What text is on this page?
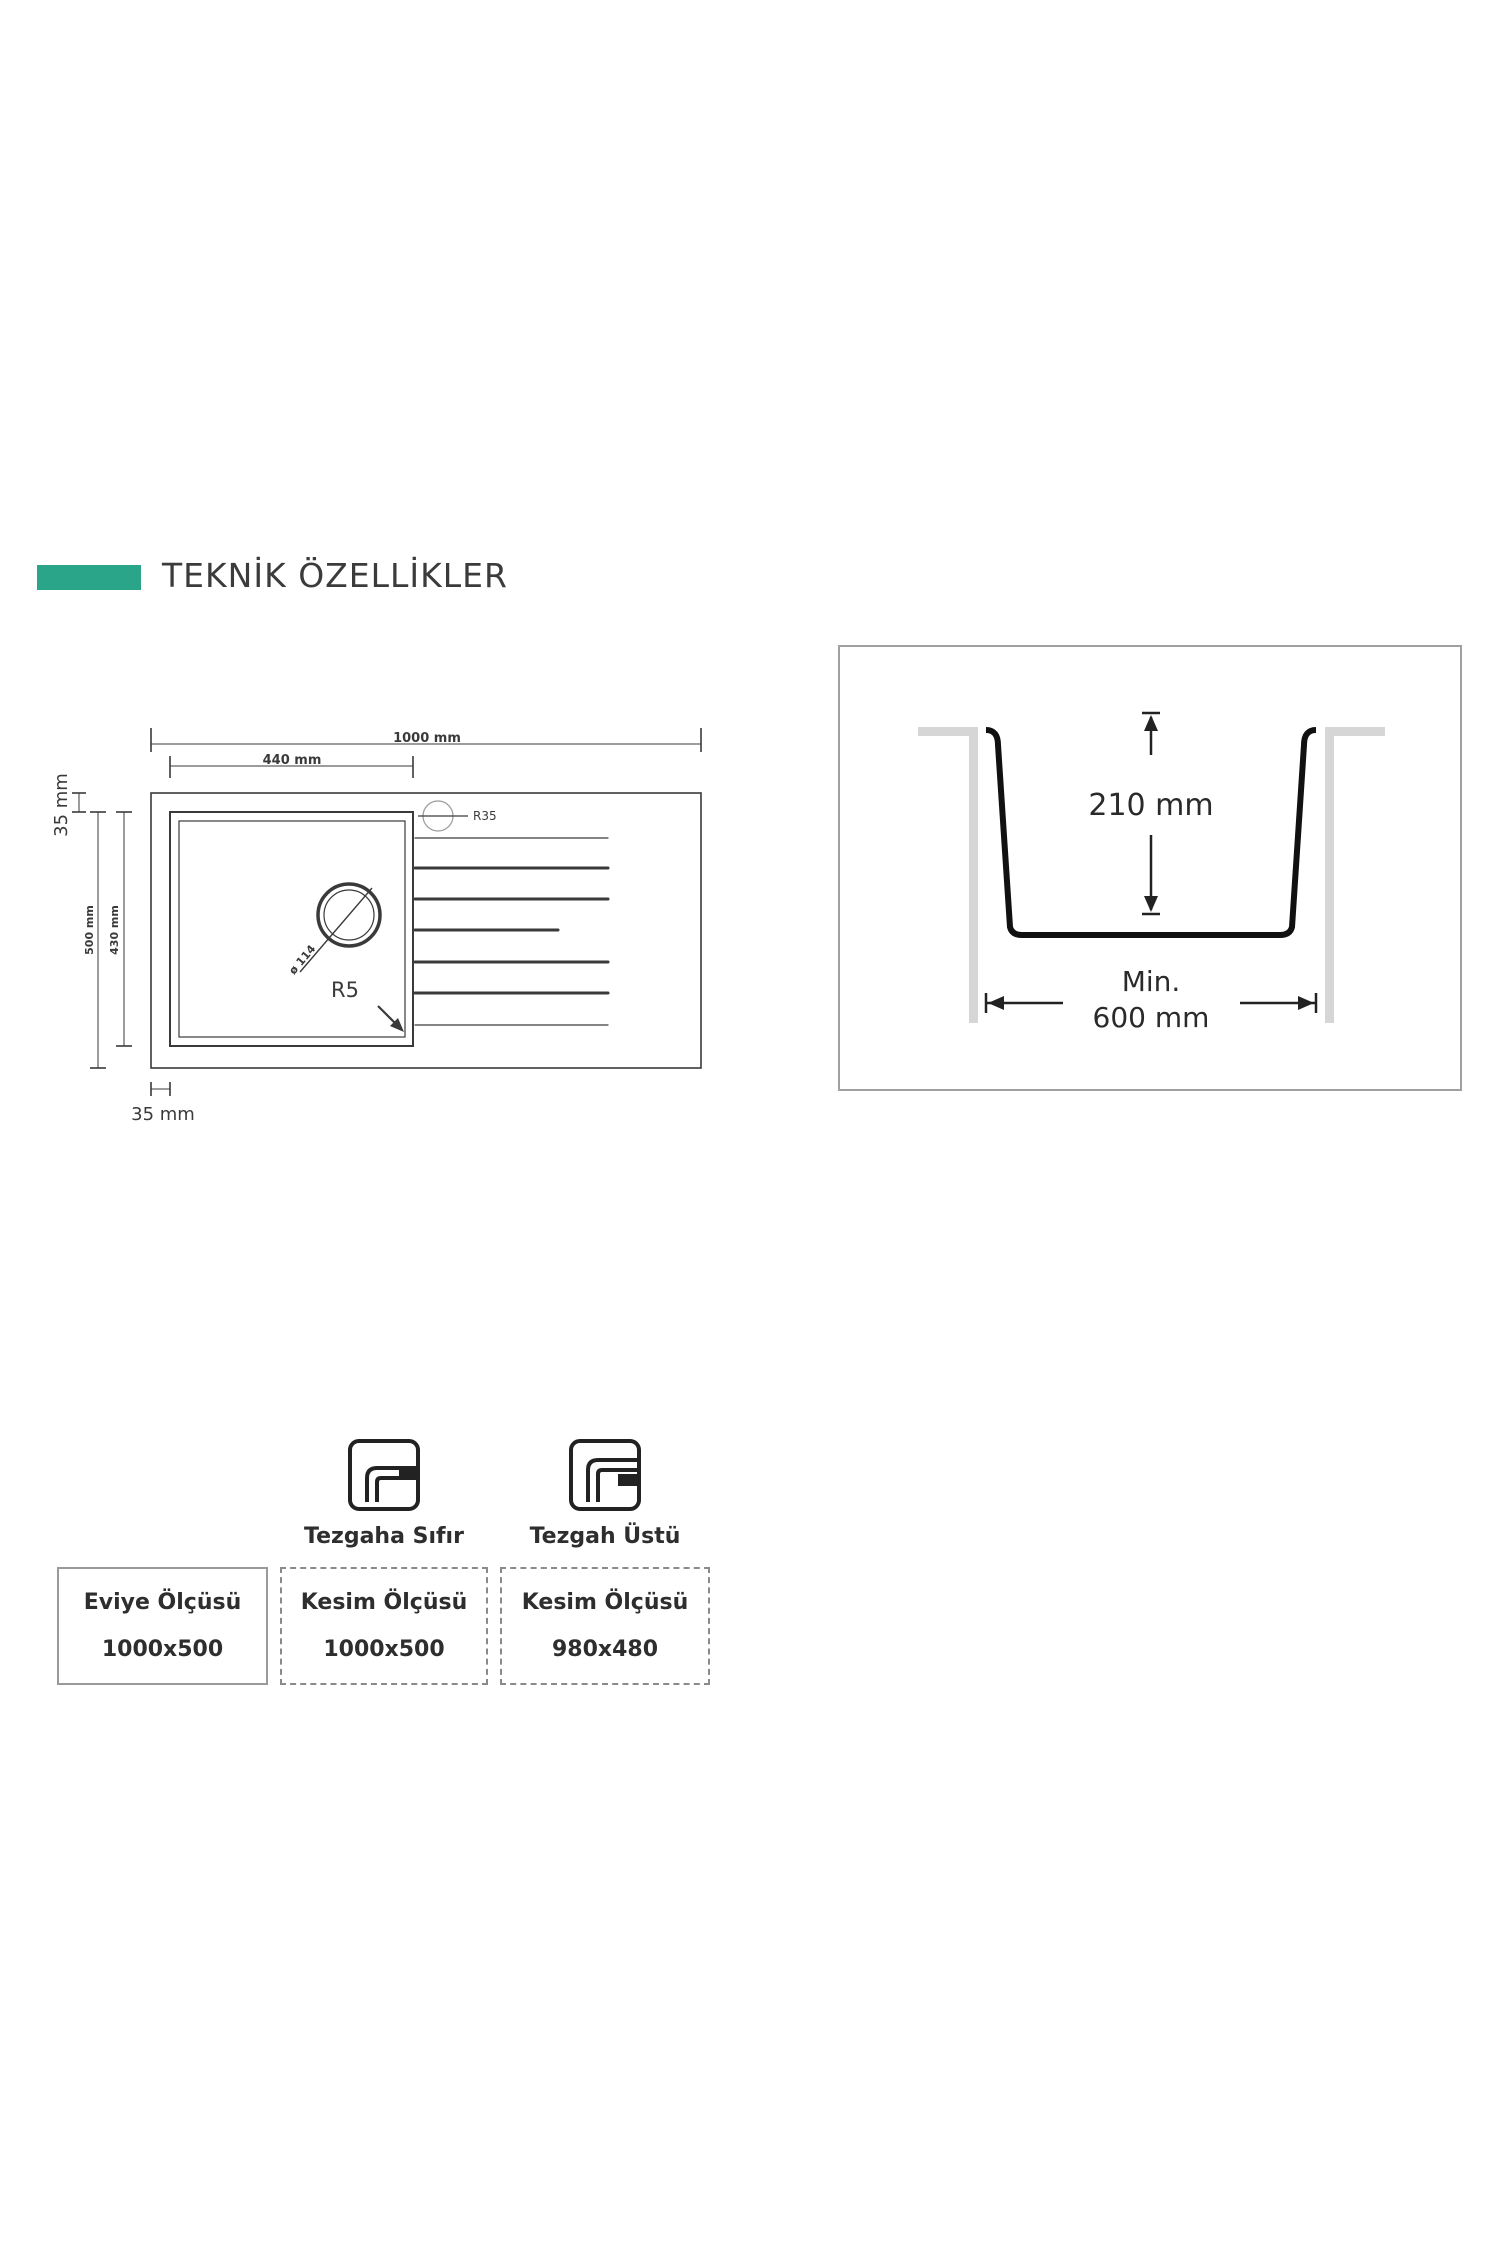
TEKNİK ÖZELLİKLER
1000 mm
440 mm
35 mm
35 mm
500 mm 430 mm
ø 114
R5
R35	210 mm
Min.
600 mm
Tezgaha Sıfır	Tezgah Üstü
Eviye Ölçüsü
1000x500
Kesim Ölçüsü
1000x500
Kesim Ölçüsü
980x480
